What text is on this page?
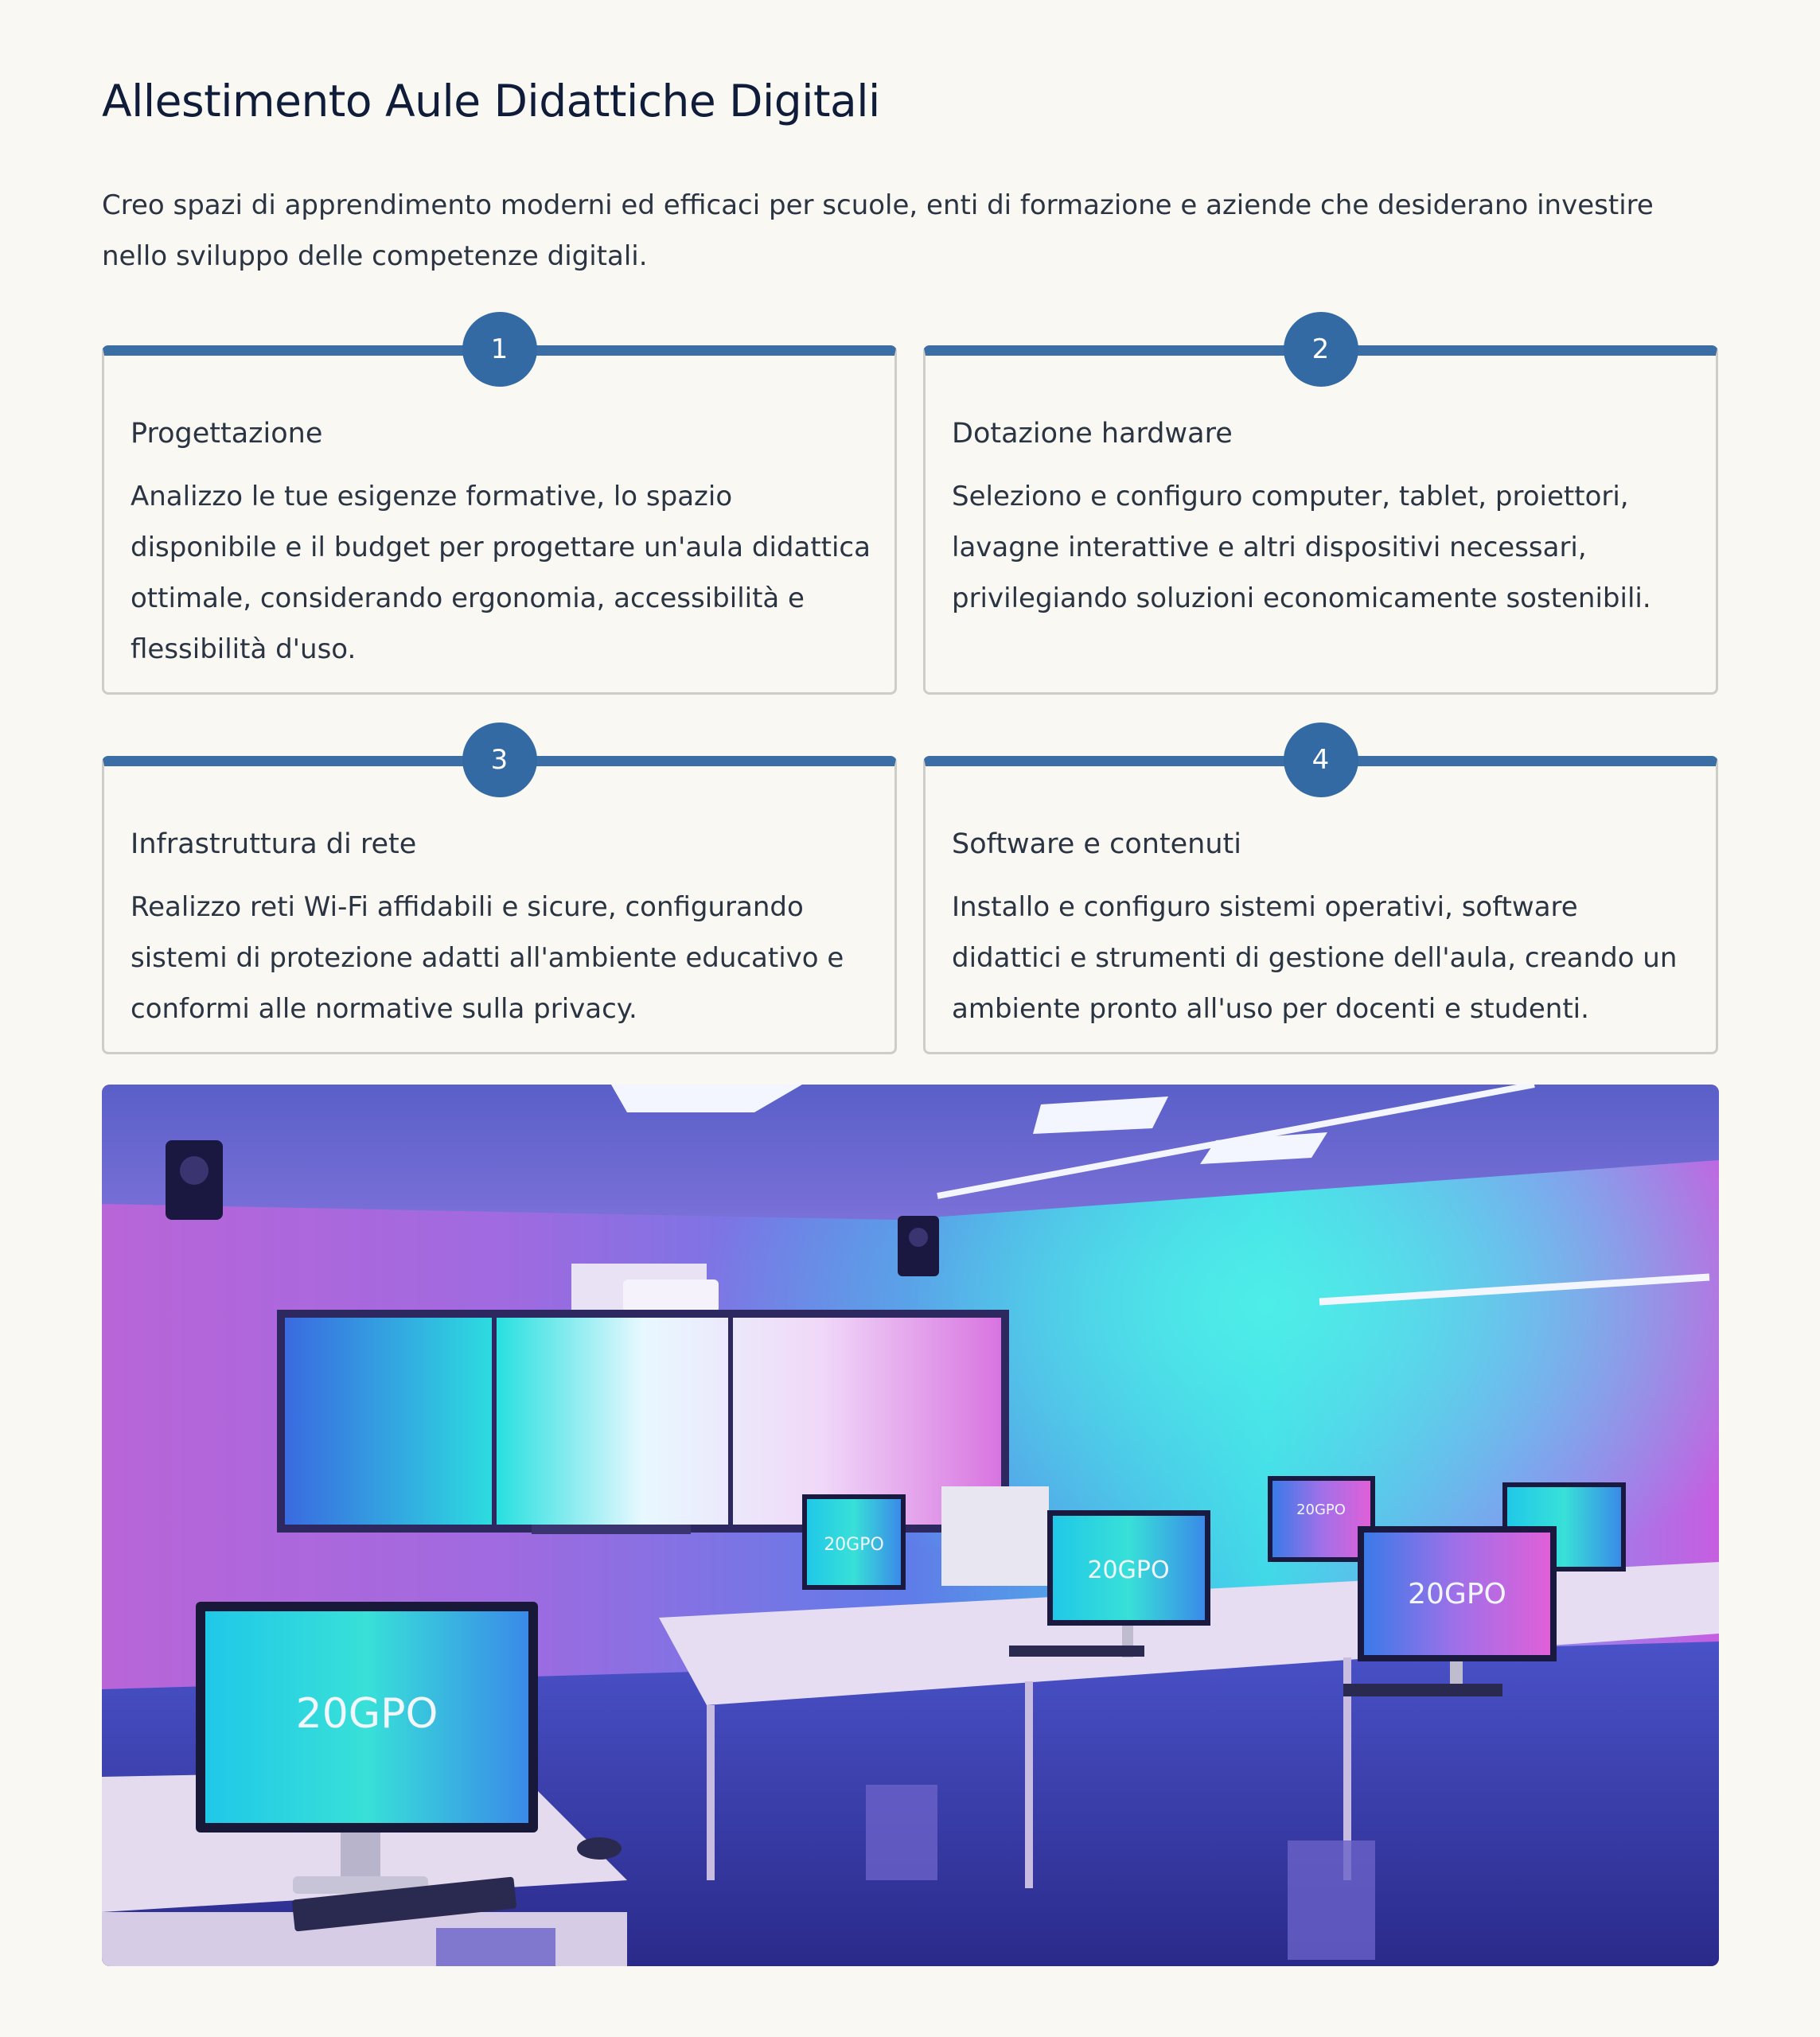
Allestimento Aule Didattiche Digitali

Creo spazi di apprendimento moderni ed efficaci per scuole, enti di formazione e aziende che desiderano investire nello sviluppo delle competenze digitali.

1
Progettazione

Analizzo le tue esigenze formative, lo spazio disponibile e il budget per progettare un'aula didattica ottimale, considerando ergonomia, accessibilità e flessibilità d'uso.

2
Dotazione hardware

Seleziono e configuro computer, tablet, proiettori, lavagne interattive e altri dispositivi necessari, privilegiando soluzioni economicamente sostenibili.

3
Infrastruttura di rete

Realizzo reti Wi-Fi affidabili e sicure, configurando sistemi di protezione adatti all'ambiente educativo e conformi alle normative sulla privacy.

4
Software e contenuti

Installo e configuro sistemi operativi, software didattici e strumenti di gestione dell'aula, creando un ambiente pronto all'uso per docenti e studenti.

20GPO
20GPO
20GPO
20GPO
20GPO
